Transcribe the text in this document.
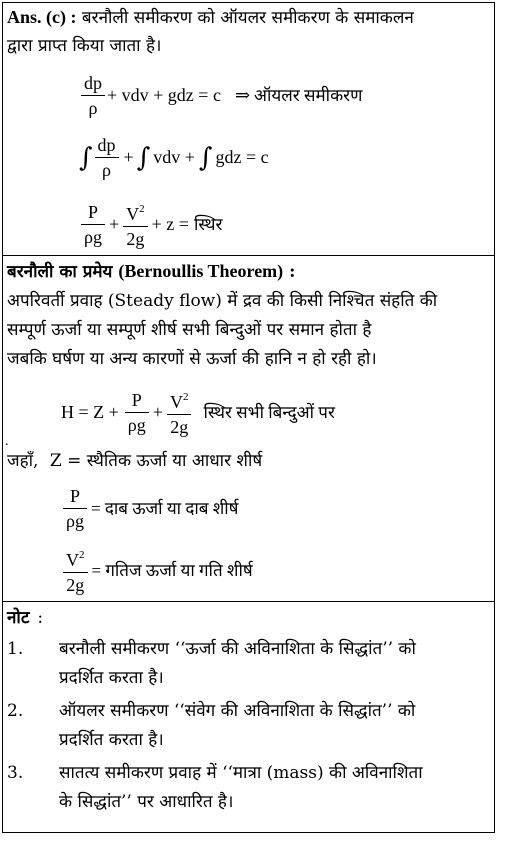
Ans. (c) : बरनौली समीकरण को ऑयलर समीकरण के समाकलन
द्वारा प्राप्त किया जाता है।
$\frac{dp}{\rho}$ + vdv + gdz = c ⇒ ऑयलर समीकरण
∫ $\frac{dp}{\rho}$ + ∫ vdv + ∫ gdz = c
$\frac{P}{\rho g} + \frac{V^2}{2g} + z$ = स्थिर
बरनौली का प्रमेय (Bernoullis Theorem) :
अपरिवर्ती प्रवाह (Steady flow) में द्रव की किसी निश्चित संहति की
सम्पूर्ण ऊर्जा या सम्पूर्ण शीर्ष सभी बिन्दुओं पर समान होता है
जबकि घर्षण या अन्य कारणों से ऊर्जा की हानि न हो रही हो।
$H = Z + \frac{P}{\rho g} + \frac{V^2}{2g}$ स्थिर सभी बिन्दुओं पर
.
जहाँ, Z = स्थैतिक ऊर्जा या आधार शीर्ष
$\frac{P}{\rho g}$ = दाब ऊर्जा या दाब शीर्ष
$\frac{V^2}{2g}$ = गतिज ऊर्जा या गति शीर्ष
नोट :
1. बरनौली समीकरण ‘‘ऊर्जा की अविनाशिता के सिद्धांत’’ को
प्रदर्शित करता है।
2. ऑयलर समीकरण ‘‘संवेग की अविनाशिता के सिद्धांत’’ को
प्रदर्शित करता है।
3. सातत्य समीकरण प्रवाह में ‘‘मात्रा (mass) की अविनाशिता
के सिद्धांत’’ पर आधारित है।
